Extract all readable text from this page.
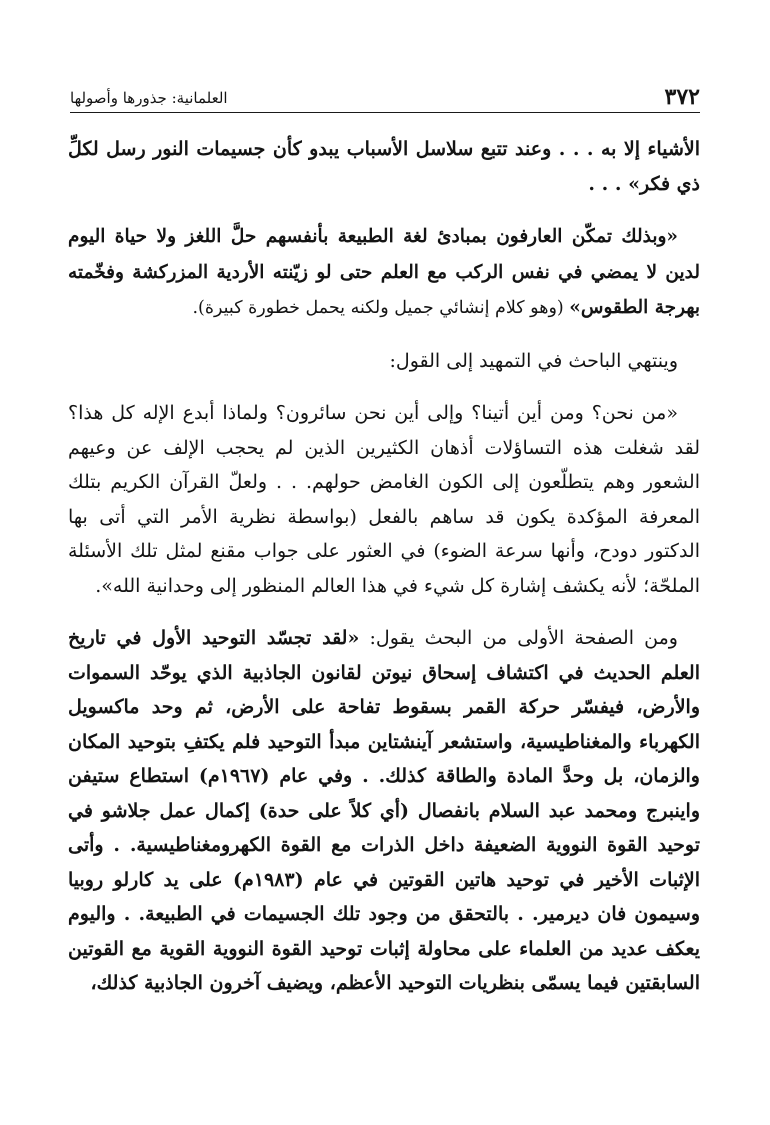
٣٧٢
العلمانية: جذورها وأصولها

الأشياء إلا به . . . وعند تتبع سلاسل الأسباب يبدو كأن جسيمات النور رسل لكلِّ ذي فكر» . . .

«وبذلك تمكّن العارفون بمبادئ لغة الطبيعة بأنفسهم حلَّ اللغز ولا حياة اليوم لدين لا يمضي في نفس الركب مع العلم حتى لو زيّنته الأردية المزركشة وفخّمته بهرجة الطقوس» (وهو كلام إنشائي جميل ولكنه يحمل خطورة كبيرة).

وينتهي الباحث في التمهيد إلى القول:

«من نحن؟ ومن أين أتينا؟ وإلى أين نحن سائرون؟ ولماذا أبدع الإله كل هذا؟ لقد شغلت هذه التساؤلات أذهان الكثيرين الذين لم يحجب الإلف عن وعيهم الشعور وهم يتطلّعون إلى الكون الغامض حولهم. . . ولعلّ القرآن الكريم بتلك المعرفة المؤكدة يكون قد ساهم بالفعل (بواسطة نظرية الأمر التي أتى بها الدكتور دودح، وأنها سرعة الضوء) في العثور على جواب مقنع لمثل تلك الأسئلة الملحّة؛ لأنه يكشف إشارة كل شيء في هذا العالم المنظور إلى وحدانية الله».

ومن الصفحة الأولى من البحث يقول: «لقد تجسّد التوحيد الأول في تاريخ العلم الحديث في اكتشاف إسحاق نيوتن لقانون الجاذبية الذي يوحّد السموات والأرض، فيفسّر حركة القمر بسقوط تفاحة على الأرض، ثم وحد ماكسويل الكهرباء والمغناطيسية، واستشعر آينشتاين مبدأ التوحيد فلم يكتفِ بتوحيد المكان والزمان، بل وحدَّ المادة والطاقة كذلك. . وفي عام (١٩٦٧م) استطاع ستيفن واينبرج ومحمد عبد السلام بانفصال (أي كلاً على حدة) إكمال عمل جلاشو في توحيد القوة النووية الضعيفة داخل الذرات مع القوة الكهرومغناطيسية. . وأتى الإثبات الأخير في توحيد هاتين القوتين في عام (١٩٨٣م) على يد كارلو روبيا وسيمون فان ديرمير. . بالتحقق من وجود تلك الجسيمات في الطبيعة. . واليوم يعكف عديد من العلماء على محاولة إثبات توحيد القوة النووية القوية مع القوتين السابقتين فيما يسمّى بنظريات التوحيد الأعظم، ويضيف آخرون الجاذبية كذلك،
